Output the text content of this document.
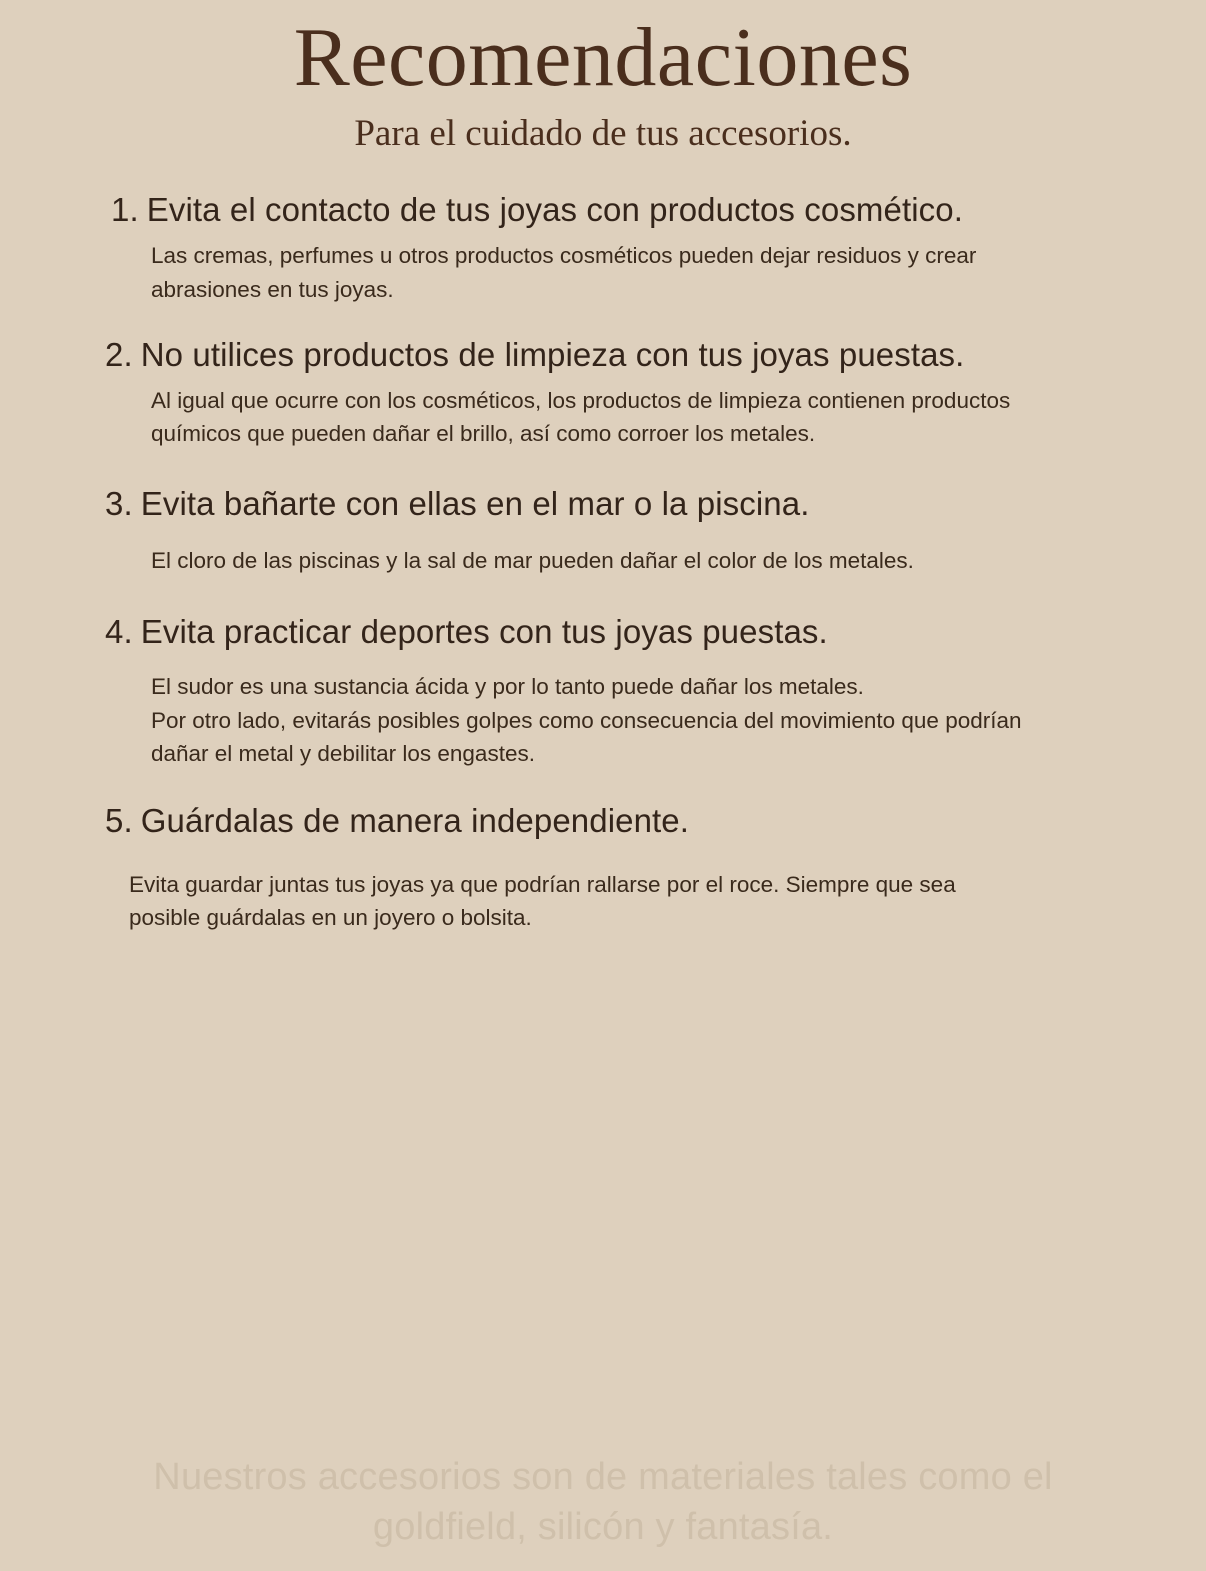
Recomendaciones
Para el cuidado de tus accesorios.
1. Evita el contacto de tus joyas con productos cosmético.
Las cremas, perfumes u otros productos cosméticos pueden dejar residuos y crear
abrasiones en tus joyas.
2. No utilices productos de limpieza con tus joyas puestas.
Al igual que ocurre con los cosméticos, los productos de limpieza contienen productos
químicos que pueden dañar el brillo, así como corroer los metales.
3. Evita bañarte con ellas en el mar o la piscina.
El cloro de las piscinas y la sal de mar pueden dañar el color de los metales.
4. Evita practicar deportes con tus joyas puestas.
El sudor es una sustancia ácida y por lo tanto puede dañar los metales.
Por otro lado, evitarás posibles golpes como consecuencia del movimiento que podrían
dañar el metal y debilitar los engastes.
5. Guárdalas de manera independiente.
Evita guardar juntas tus joyas ya que podrían rallarse por el roce. Siempre que sea
posible guárdalas en un joyero o bolsita.
Nuestros accesorios son de materiales tales como el
goldfield, silicón y fantasía.
